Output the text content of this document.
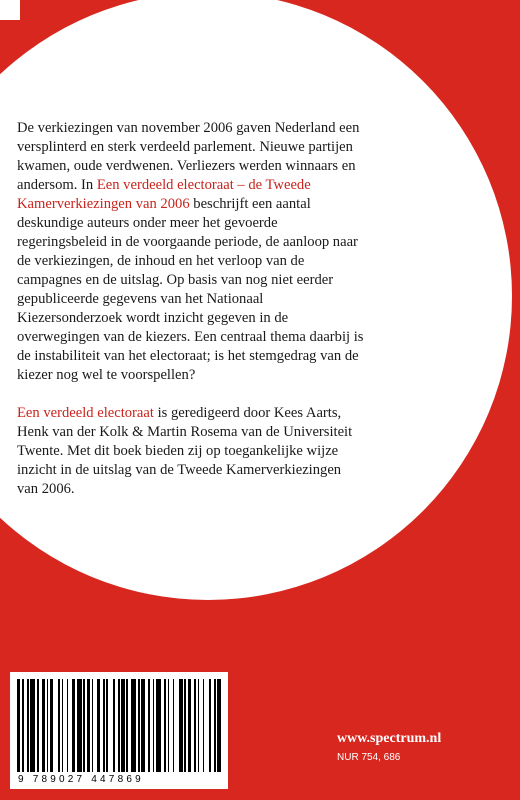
De verkiezingen van november 2006 gaven Nederland een versplinterd en sterk verdeeld parlement. Nieuwe partijen kwamen, oude verdwenen. Verliezers werden winnaars en andersom. In Een verdeeld electoraat – de Tweede Kamerverkiezingen van 2006 beschrijft een aantal deskundige auteurs onder meer het gevoerde regeringsbeleid in de voorgaande periode, de aanloop naar de verkiezingen, de inhoud en het verloop van de campagnes en de uitslag. Op basis van nog niet eerder gepubliceerde gegevens van het Nationaal Kiezersonderzoek wordt inzicht gegeven in de overwegingen van de kiezers. Een centraal thema daarbij is de instabiliteit van het electoraat; is het stemgedrag van de kiezer nog wel te voorspellen?

Een verdeeld electoraat is geredigeerd door Kees Aarts, Henk van der Kolk & Martin Rosema van de Universiteit Twente. Met dit boek bieden zij op toegankelijke wijze inzicht in de uitslag van de Tweede Kamerverkiezingen van 2006.

9 789027 447869
www.spectrum.nl
NUR 754, 686
